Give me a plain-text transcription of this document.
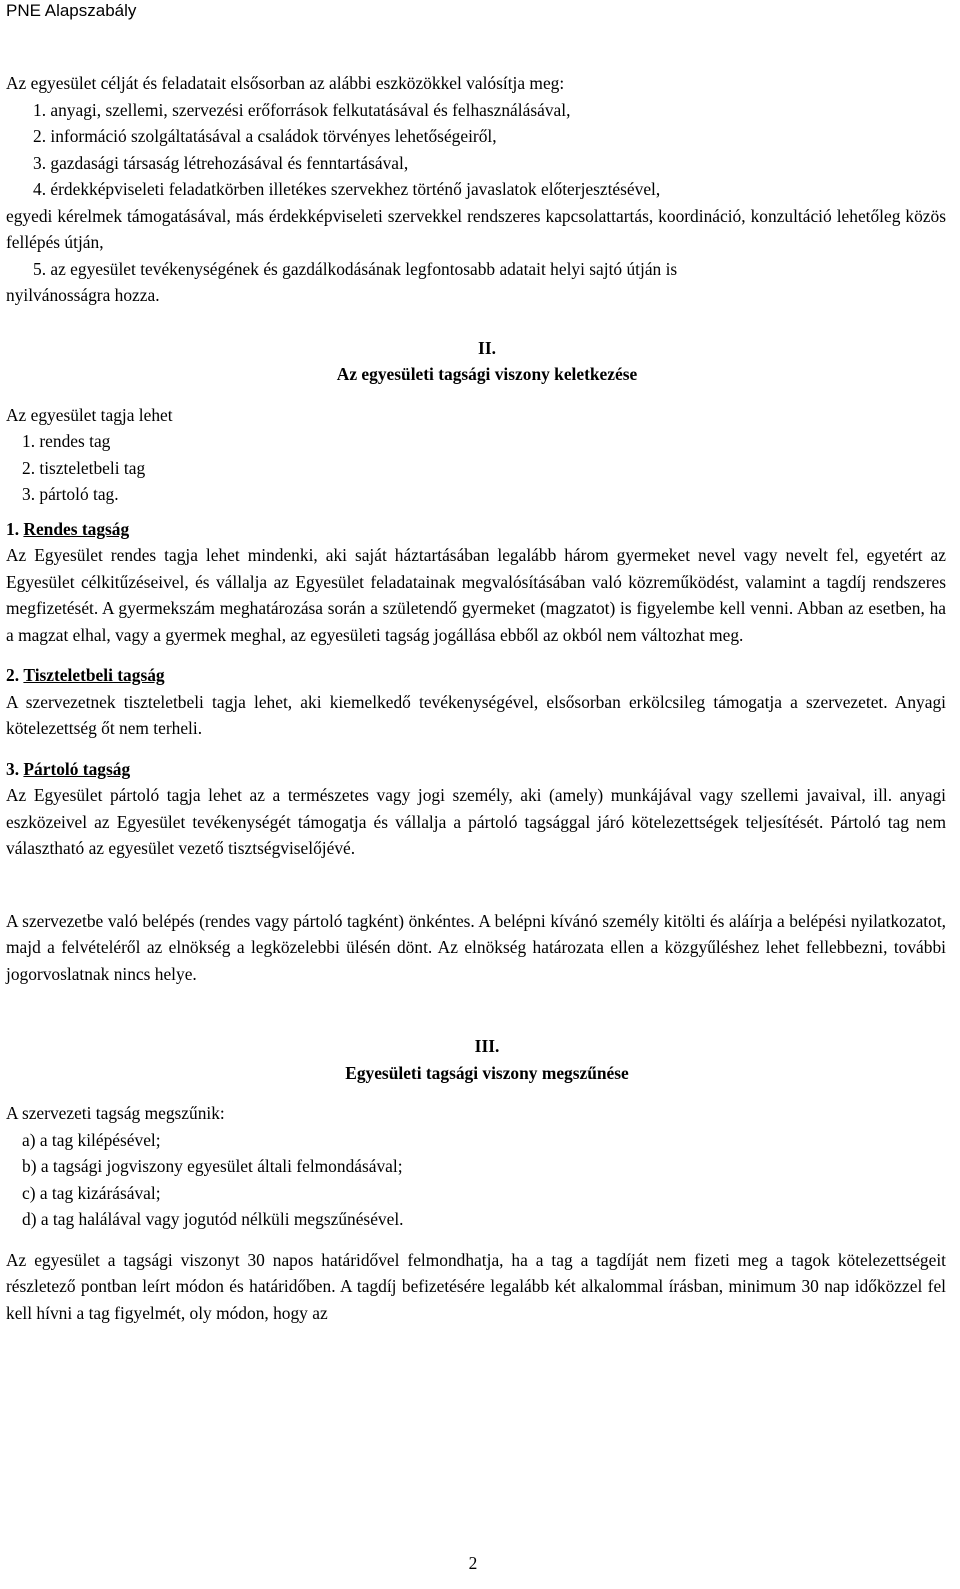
PNE Alapszabály

Az egyesület célját és feladatait elsősorban az alábbi eszközökkel valósítja meg:

1. anyagi, szellemi, szervezési erőforrások felkutatásával és felhasználásával,

2. információ szolgáltatásával a családok törvényes lehetőségeiről,

3. gazdasági társaság létrehozásával és fenntartásával,

4. érdekképviseleti feladatkörben illetékes szervekhez történő javaslatok előterjesztésével,

egyedi kérelmek támogatásával, más érdekképviseleti szervekkel rendszeres kapcsolattartás, koordináció, konzultáció lehetőleg közös fellépés útján,

5. az egyesület tevékenységének és gazdálkodásának legfontosabb adatait helyi sajtó útján is

nyilvánosságra hozza.

II.

Az egyesületi tagsági viszony keletkezése

Az egyesület tagja lehet

1. rendes tag

2. tiszteletbeli tag

3. pártoló tag.

1. Rendes tagság

Az Egyesület rendes tagja lehet mindenki, aki saját háztartásában legalább három gyermeket nevel vagy nevelt fel, egyetért az Egyesület célkitűzéseivel, és vállalja az Egyesület feladatainak megvalósításában való közreműködést, valamint a tagdíj rendszeres megfizetését. A gyermekszám meghatározása során a születendő gyermeket (magzatot) is figyelembe kell venni. Abban az esetben, ha a magzat elhal, vagy a gyermek meghal, az egyesületi tagság jogállása ebből az okból nem változhat meg.

2. Tiszteletbeli tagság

A szervezetnek tiszteletbeli tagja lehet, aki kiemelkedő tevékenységével, elsősorban erkölcsileg támogatja a szervezetet. Anyagi kötelezettség őt nem terheli.

3. Pártoló tagság

Az Egyesület pártoló tagja lehet az a természetes vagy jogi személy, aki (amely) munkájával vagy szellemi javaival, ill. anyagi eszközeivel az Egyesület tevékenységét támogatja és vállalja a pártoló tagsággal járó kötelezettségek teljesítését. Pártoló tag nem választható az egyesület vezető tisztségviselőjévé.

A szervezetbe való belépés (rendes vagy pártoló tagként) önkéntes. A belépni kívánó személy kitölti és aláírja a belépési nyilatkozatot, majd a felvételéről az elnökség a legközelebbi ülésén dönt. Az elnökség határozata ellen a közgyűléshez lehet fellebbezni, további jogorvoslatnak nincs helye.

III.

Egyesületi tagsági viszony megszűnése

A szervezeti tagság megszűnik:

a) a tag kilépésével;

b) a tagsági jogviszony egyesület általi felmondásával;

c) a tag kizárásával;

d) a tag halálával vagy jogutód nélküli megszűnésével.

Az egyesület a tagsági viszonyt 30 napos határidővel felmondhatja, ha a tag a tagdíját nem fizeti meg a tagok kötelezettségeit részletező pontban leírt módon és határidőben. A tagdíj befizetésére legalább két alkalommal írásban, minimum 30 nap időközzel fel kell hívni a tag figyelmét, oly módon, hogy az

2
